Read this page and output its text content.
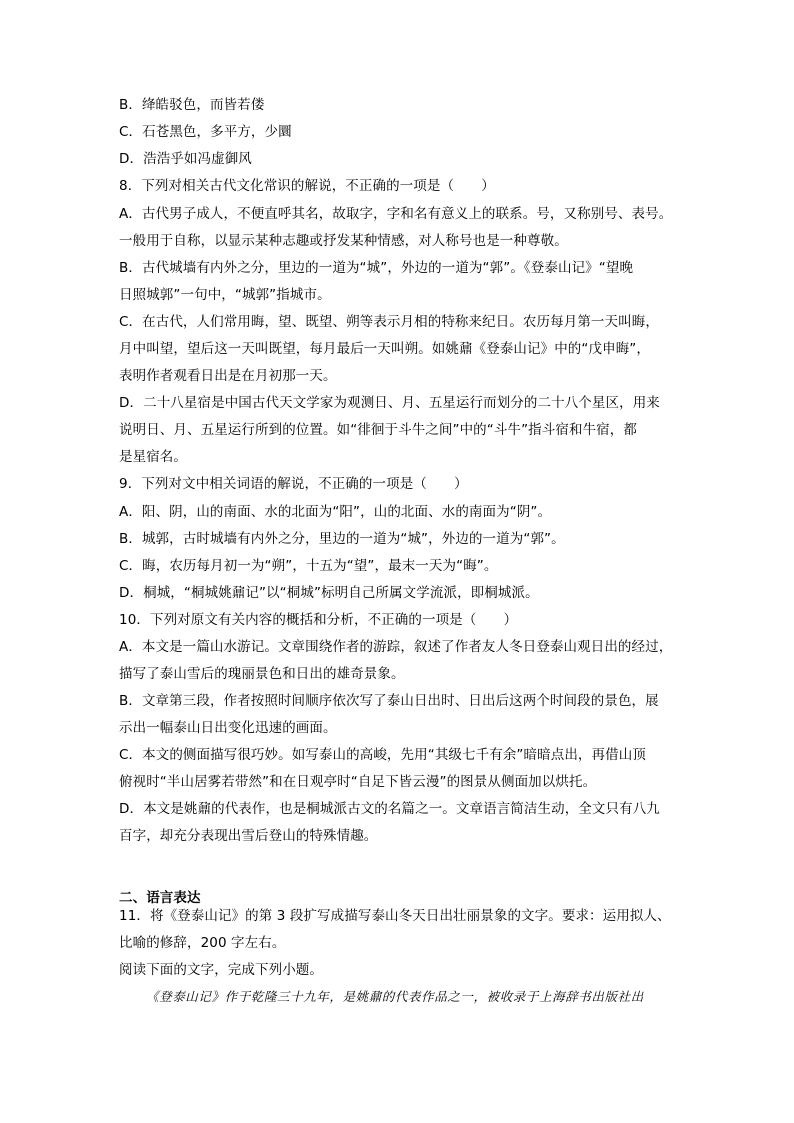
B．绛皓驳色，而皆若偻
C．石苍黑色，多平方，少圜
D．浩浩乎如冯虚御风
8．下列对相关古代文化常识的解说，不正确的一项是（　　）
A．古代男子成人，不便直呼其名，故取字，字和名有意义上的联系。号，又称别号、表号。
一般用于自称，以显示某种志趣或抒发某种情感，对人称号也是一种尊敬。
B．古代城墙有内外之分，里边的一道为“城”，外边的一道为“郭”。《登泰山记》“望晚
日照城郭”一句中，“城郭”指城市。
C．在古代，人们常用晦，望、既望、朔等表示月相的特称来纪日。农历每月第一天叫晦，
月中叫望，望后这一天叫既望，每月最后一天叫朔。如姚鼐《登泰山记》中的“戊申晦”，
表明作者观看日出是在月初那一天。
D．二十八星宿是中国古代天文学家为观测日、月、五星运行而划分的二十八个星区，用来
说明日、月、五星运行所到的位置。如“徘徊于斗牛之间”中的“斗牛”指斗宿和牛宿，都
是星宿名。
9．下列对文中相关词语的解说，不正确的一项是（　　）
A．阳、阴，山的南面、水的北面为“阳”，山的北面、水的南面为“阴”。
B．城郭，古时城墙有内外之分，里边的一道为“城”，外边的一道为“郭”。
C．晦，农历每月初一为“朔”，十五为“望”，最末一天为“晦”。
D．桐城，“桐城姚鼐记”以“桐城”标明自己所属文学流派，即桐城派。
10．下列对原文有关内容的概括和分析，不正确的一项是（　　）
A．本文是一篇山水游记。文章围绕作者的游踪，叙述了作者友人冬日登泰山观日出的经过，
描写了泰山雪后的瑰丽景色和日出的雄奇景象。
B．文章第三段，作者按照时间顺序依次写了泰山日出时、日出后这两个时间段的景色，展
示出一幅泰山日出变化迅速的画面。
C．本文的侧面描写很巧妙。如写泰山的高峻，先用“其级七千有余”暗暗点出，再借山顶
俯视时“半山居雾若带然”和在日观亭时“自足下皆云漫”的图景从侧面加以烘托。
D．本文是姚鼐的代表作，也是桐城派古文的名篇之一。文章语言简洁生动，全文只有八九
百字，却充分表现出雪后登山的特殊情趣。
二、语言表达
11．将《登泰山记》的第 3 段扩写成描写泰山冬天日出壮丽景象的文字。要求：运用拟人、
比喻的修辞，200 字左右。
阅读下面的文字，完成下列小题。
《登泰山记》作于乾隆三十九年，是姚鼐的代表作品之一，被收录于上海辞书出版社出
